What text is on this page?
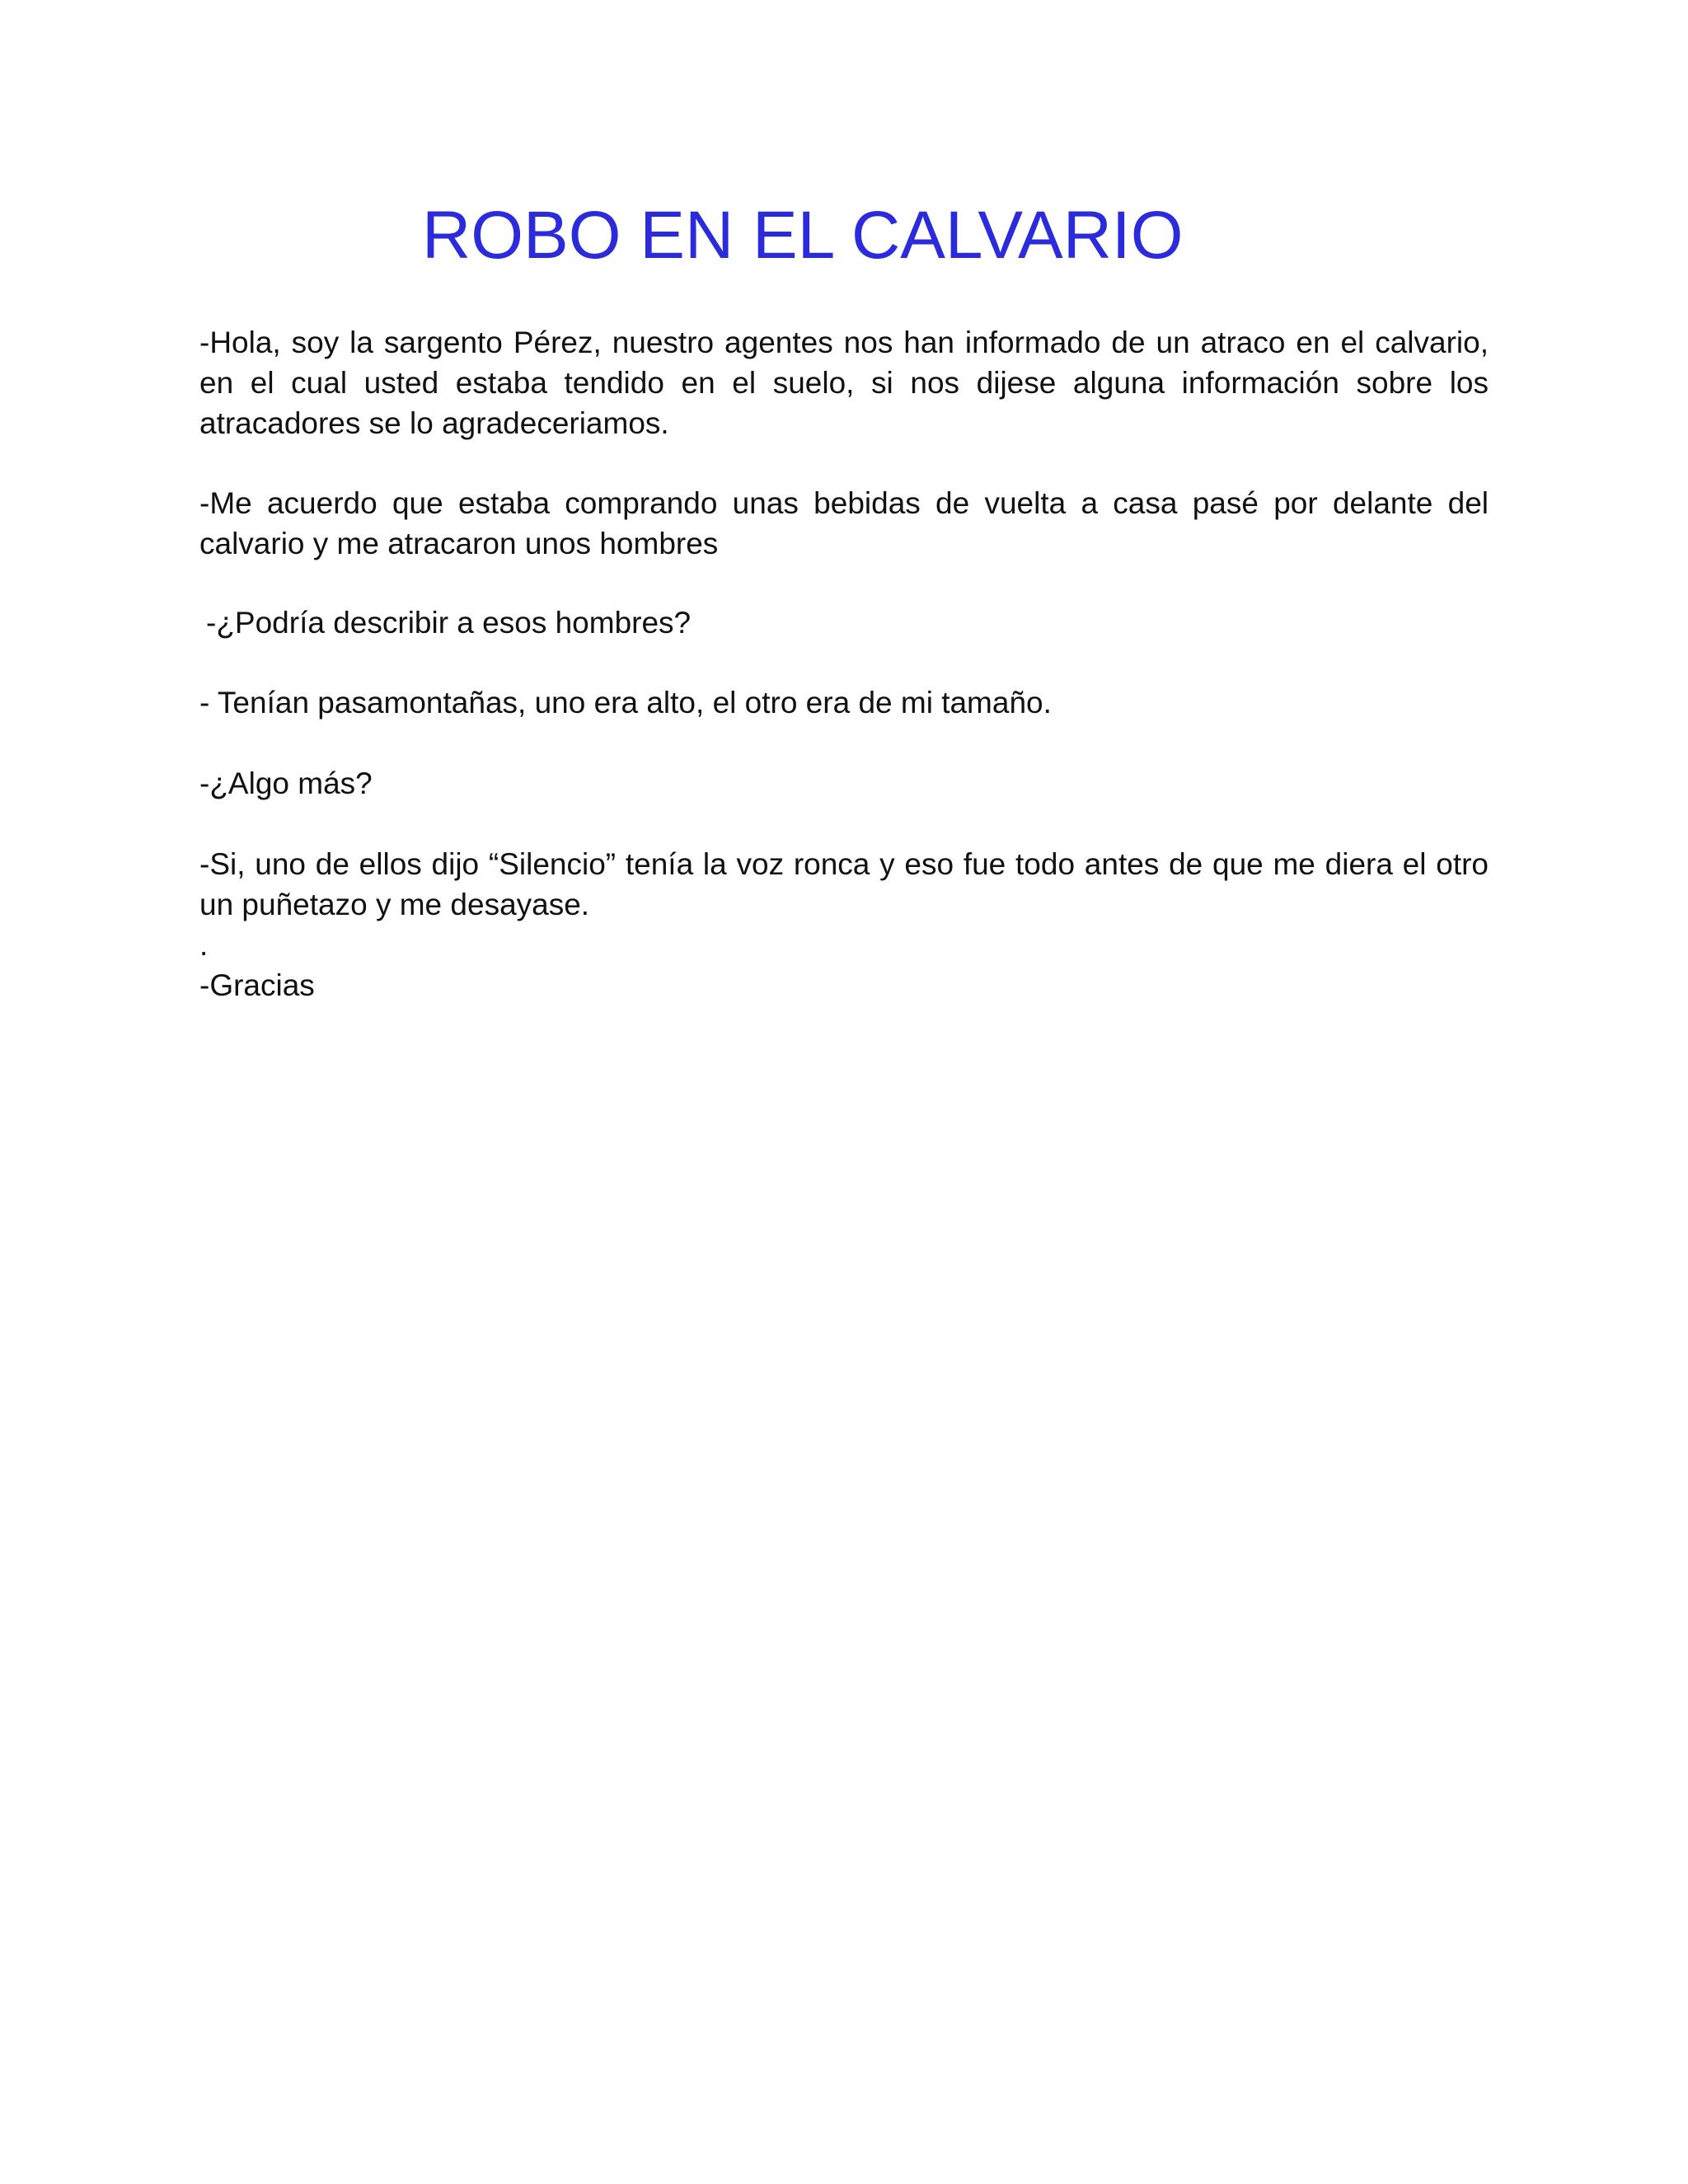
ROBO EN EL CALVARIO

-Hola, soy la sargento Pérez, nuestro agentes nos han informado de un atraco en el calvario, en el cual usted estaba tendido en el suelo, si nos dijese alguna información sobre los atracadores se lo agradeceriamos.

-Me acuerdo que estaba comprando unas bebidas de vuelta a casa pasé por delante del calvario y me atracaron unos hombres

-¿Podría describir a esos hombres?

- Tenían pasamontañas, uno era alto, el otro era de mi tamaño.

-¿Algo más?

-Si, uno de ellos dijo “Silencio” tenía la voz ronca y eso fue todo antes de que me diera el otro un puñetazo y me desayase.

.

-Gracias
